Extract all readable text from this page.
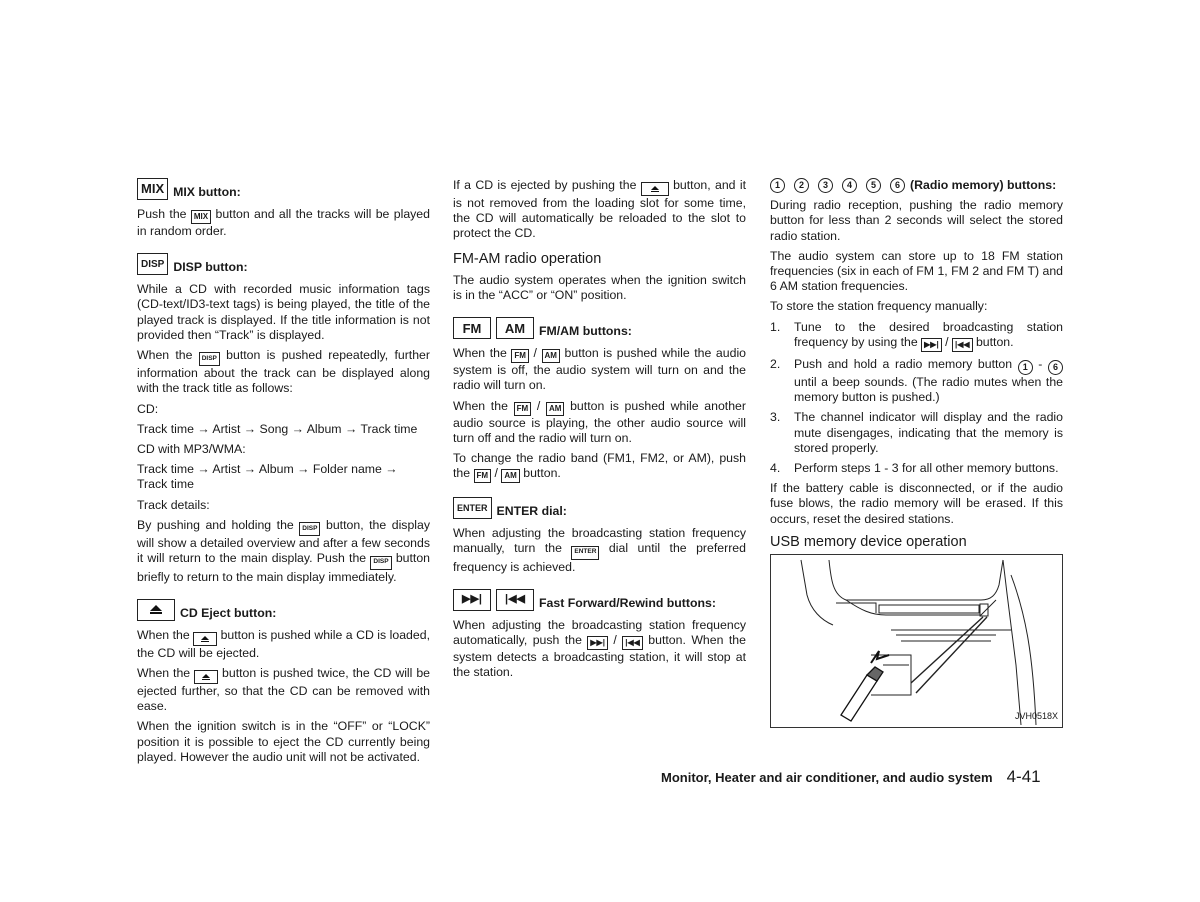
MIX MIX button:

Push the MIX button and all the tracks will be played in random order.

DISP DISP button:

While a CD with recorded music information tags (CD-text/ID3-text tags) is being played, the title of the played track is displayed. If the title information is not provided then “Track” is displayed.

When the DISP button is pushed repeatedly, further information about the track can be displayed along with the track title as follows:

CD:

Track time → Artist → Song → Album → Track time

CD with MP3/WMA:

Track time → Artist → Album → Folder name → Track time

Track details:

By pushing and holding the DISP button, the display will show a detailed overview and after a few seconds it will return to the main display. Push the DISP button briefly to return to the main display immediately.

CD Eject button:

When the	button is pushed while a CD is loaded, the CD will be ejected.

When the	button is pushed twice, the CD will be ejected further, so that the CD can be removed with ease.

When the ignition switch is in the “OFF” or “LOCK” position it is possible to eject the CD currently being played. However the audio unit will not be activated.

If a CD is ejected by pushing the	button, and it is not removed from the loading slot for some time, the CD will automatically be reloaded to the slot to protect the CD.

FM-AM radio operation

The audio system operates when the ignition switch is in the “ACC” or “ON” position.

FM	AM	FM/AM buttons:

When the FM / AM button is pushed while the audio system is off, the audio system will turn on and the radio will turn on.

When the FM / AM button is pushed while another audio source is playing, the other audio source will turn off and the radio will turn on.

To change the radio band (FM1, FM2, or AM), push the FM / AM button.

ENTER ENTER dial:

When adjusting the broadcasting station frequency manually, turn the ENTER dial until the preferred frequency is achieved.

▶▶|	|◀◀	Fast Forward/Rewind buttons:

When adjusting the broadcasting station frequency automatically, push the ▶▶| / |◀◀ button. When the system detects a broadcasting station, it will stop at the station.

1	2	3	4	5	6 (Radio memory) buttons:

During radio reception, pushing the radio memory button for less than 2 seconds will select the stored radio station.

The audio system can store up to 18 FM station frequencies (six in each of FM 1, FM 2 and FM T) and 6 AM station frequencies.

To store the station frequency manually:

1.	Tune to the desired broadcasting station frequency by using the ▶▶| / |◀◀ button.
2.	Push and hold a radio memory button 1 - 6 until a beep sounds. (The radio mutes when the memory button is pushed.)
3.	The channel indicator will display and the radio mute disengages, indicating that the memory is stored properly.
4.	Perform steps 1 - 3 for all other memory buttons.

If the battery cable is disconnected, or if the audio fuse blows, the radio memory will be erased. If this occurs, reset the desired stations.

USB memory device operation
JVH0518X
Monitor, Heater and air conditioner, and audio system 4-41
